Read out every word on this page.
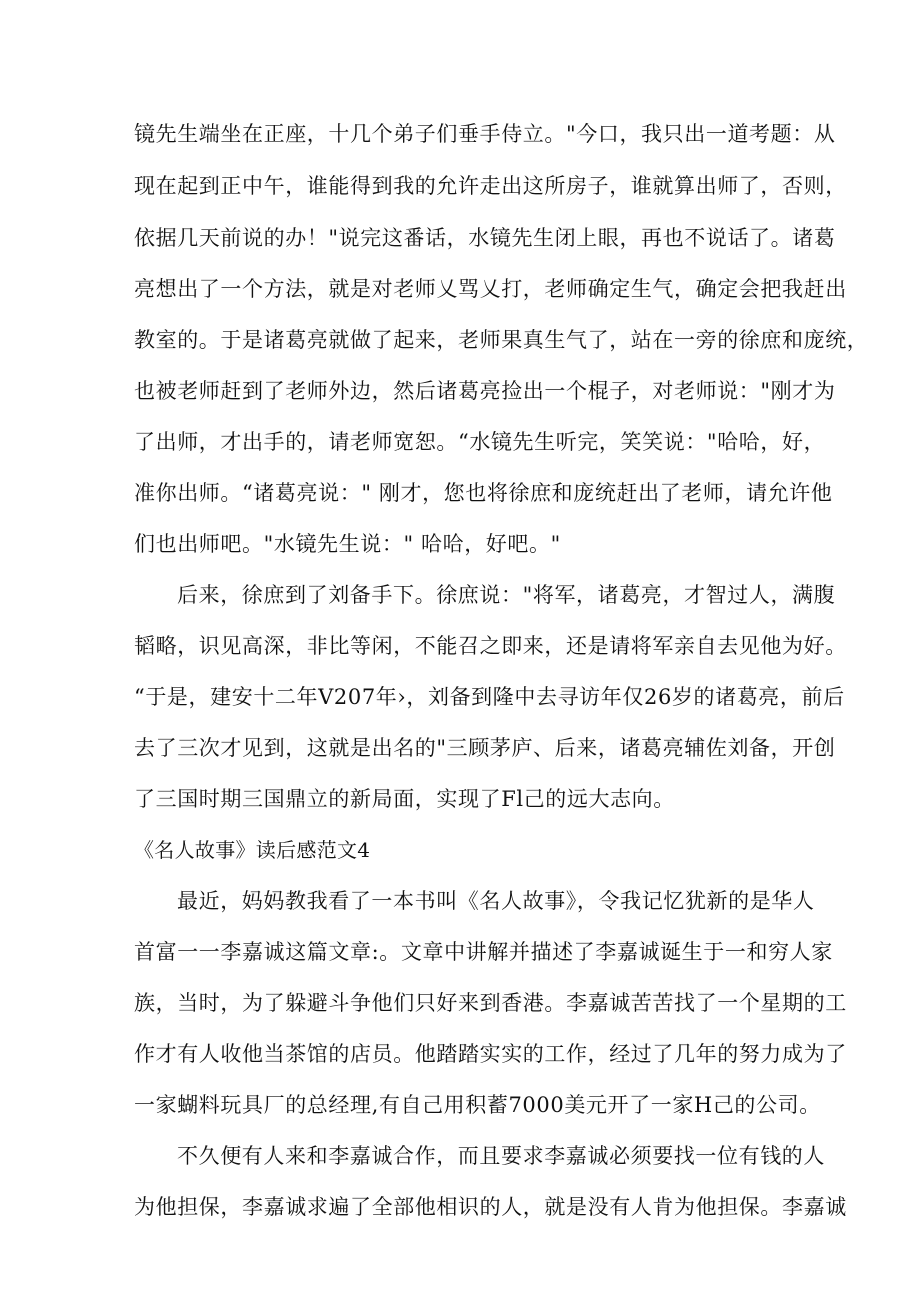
镜先生端坐在正座，十几个弟子们垂手侍立。"今口，我只出一道考题：从
现在起到正中午，谁能得到我的允许走出这所房子，谁就算出师了，否则，
依据几天前说的办！"说完这番话，水镜先生闭上眼，再也不说话了。诸葛
亮想出了一个方法，就是对老师乂骂乂打，老师确定生气，确定会把我赶出
教室的。于是诸葛亮就做了起来，老师果真生气了，站在一旁的徐庶和庞统，
也被老师赶到了老师外边，然后诸葛亮捡出一个棍子，对老师说："刚才为
了出师，才出手的，请老师宽恕。“水镜先生听完，笑笑说："哈哈，好，
准你出师。“诸葛亮说：" 刚才，您也将徐庶和庞统赶出了老师，请允许他
们也出师吧。"水镜先生说：" 哈哈，好吧。"
后来，徐庶到了刘备手下。徐庶说："将军，诸葛亮，才智过人，满腹
韬略，识见高深，非比等闲，不能召之即来，还是请将军亲自去见他为好。
“于是，建安十二年V207年›，刘备到隆中去寻访年仅26岁的诸葛亮，前后
去了三次才见到，这就是出名的"三顾茅庐、后来，诸葛亮辅佐刘备，开创
了三国时期三国鼎立的新局面，实现了Fl己的远大志向。
《名人故事》读后感范文4
最近，妈妈教我看了一本书叫《名人故事》，令我记忆犹新的是华人
首富一一李嘉诚这篇文章:。文章中讲解并描述了李嘉诚诞生于一和穷人家
族，当时，为了躲避斗争他们只好来到香港。李嘉诚苦苦找了一个星期的工
作才有人收他当茶馆的店员。他踏踏实实的工作，经过了几年的努力成为了
一家蝴料玩具厂的总经理,有自己用积蓄7000美元开了一家H己的公司。
不久便有人来和李嘉诚合作，而且要求李嘉诚必须要找一位有钱的人
为他担保，李嘉诚求遍了全部他相识的人，就是没有人肯为他担保。李嘉诚
